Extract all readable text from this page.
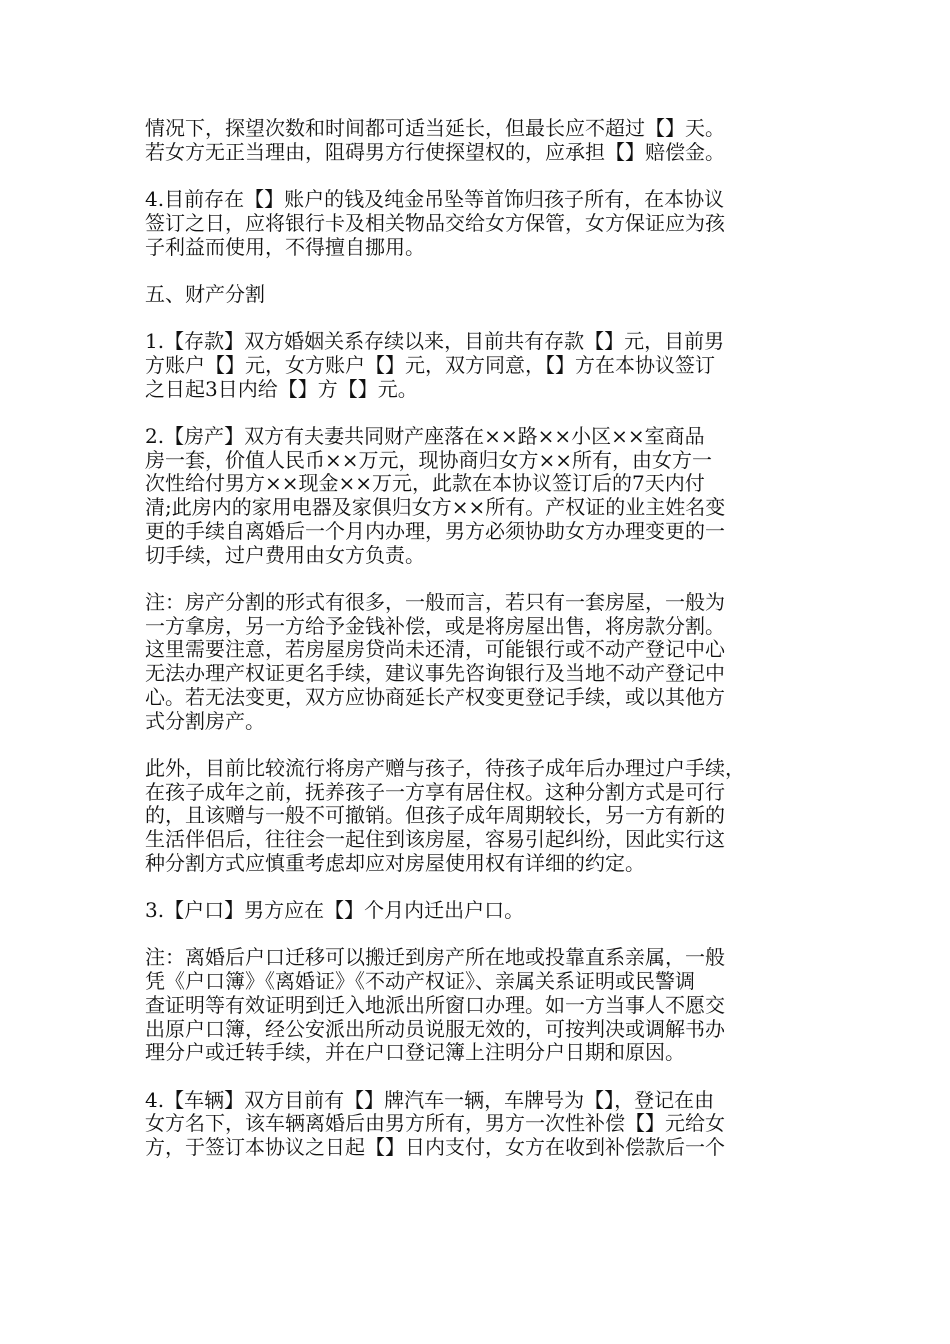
情况下，探望次数和时间都可适当延长，但最长应不超过【】天。
若女方无正当理由，阻碍男方行使探望权的，应承担【】赔偿金。
4.目前存在【】账户的钱及纯金吊坠等首饰归孩子所有，在本协议
签订之日，应将银行卡及相关物品交给女方保管，女方保证应为孩
子利益而使用，不得擅自挪用。
五、财产分割
1.【存款】双方婚姻关系存续以来，目前共有存款【】元，目前男
方账户【】元，女方账户【】元，双方同意，【】方在本协议签订
之日起3日内给【】方【】元。
2.【房产】双方有夫妻共同财产座落在××路××小区××室商品
房一套，价值人民币××万元，现协商归女方××所有，由女方一
次性给付男方××现金××万元，此款在本协议签订后的7天内付
清;此房内的家用电器及家俱归女方××所有。产权证的业主姓名变
更的手续自离婚后一个月内办理，男方必须协助女方办理变更的一
切手续，过户费用由女方负责。
注：房产分割的形式有很多，一般而言，若只有一套房屋，一般为
一方拿房，另一方给予金钱补偿，或是将房屋出售，将房款分割。
这里需要注意，若房屋房贷尚未还清，可能银行或不动产登记中心
无法办理产权证更名手续，建议事先咨询银行及当地不动产登记中
心。若无法变更，双方应协商延长产权变更登记手续，或以其他方
式分割房产。
此外，目前比较流行将房产赠与孩子，待孩子成年后办理过户手续，
在孩子成年之前，抚养孩子一方享有居住权。这种分割方式是可行
的，且该赠与一般不可撤销。但孩子成年周期较长，另一方有新的
生活伴侣后，往往会一起住到该房屋，容易引起纠纷，因此实行这
种分割方式应慎重考虑却应对房屋使用权有详细的约定。
3.【户口】男方应在【】个月内迁出户口。
注：离婚后户口迁移可以搬迁到房产所在地或投靠直系亲属，一般
凭《户口簿》《离婚证》《不动产权证》、亲属关系证明或民警调
查证明等有效证明到迁入地派出所窗口办理。如一方当事人不愿交
出原户口簿，经公安派出所动员说服无效的，可按判决或调解书办
理分户或迁转手续，并在户口登记簿上注明分户日期和原因。
4.【车辆】双方目前有【】牌汽车一辆，车牌号为【】，登记在由
女方名下，该车辆离婚后由男方所有，男方一次性补偿【】元给女
方，于签订本协议之日起【】日内支付，女方在收到补偿款后一个
